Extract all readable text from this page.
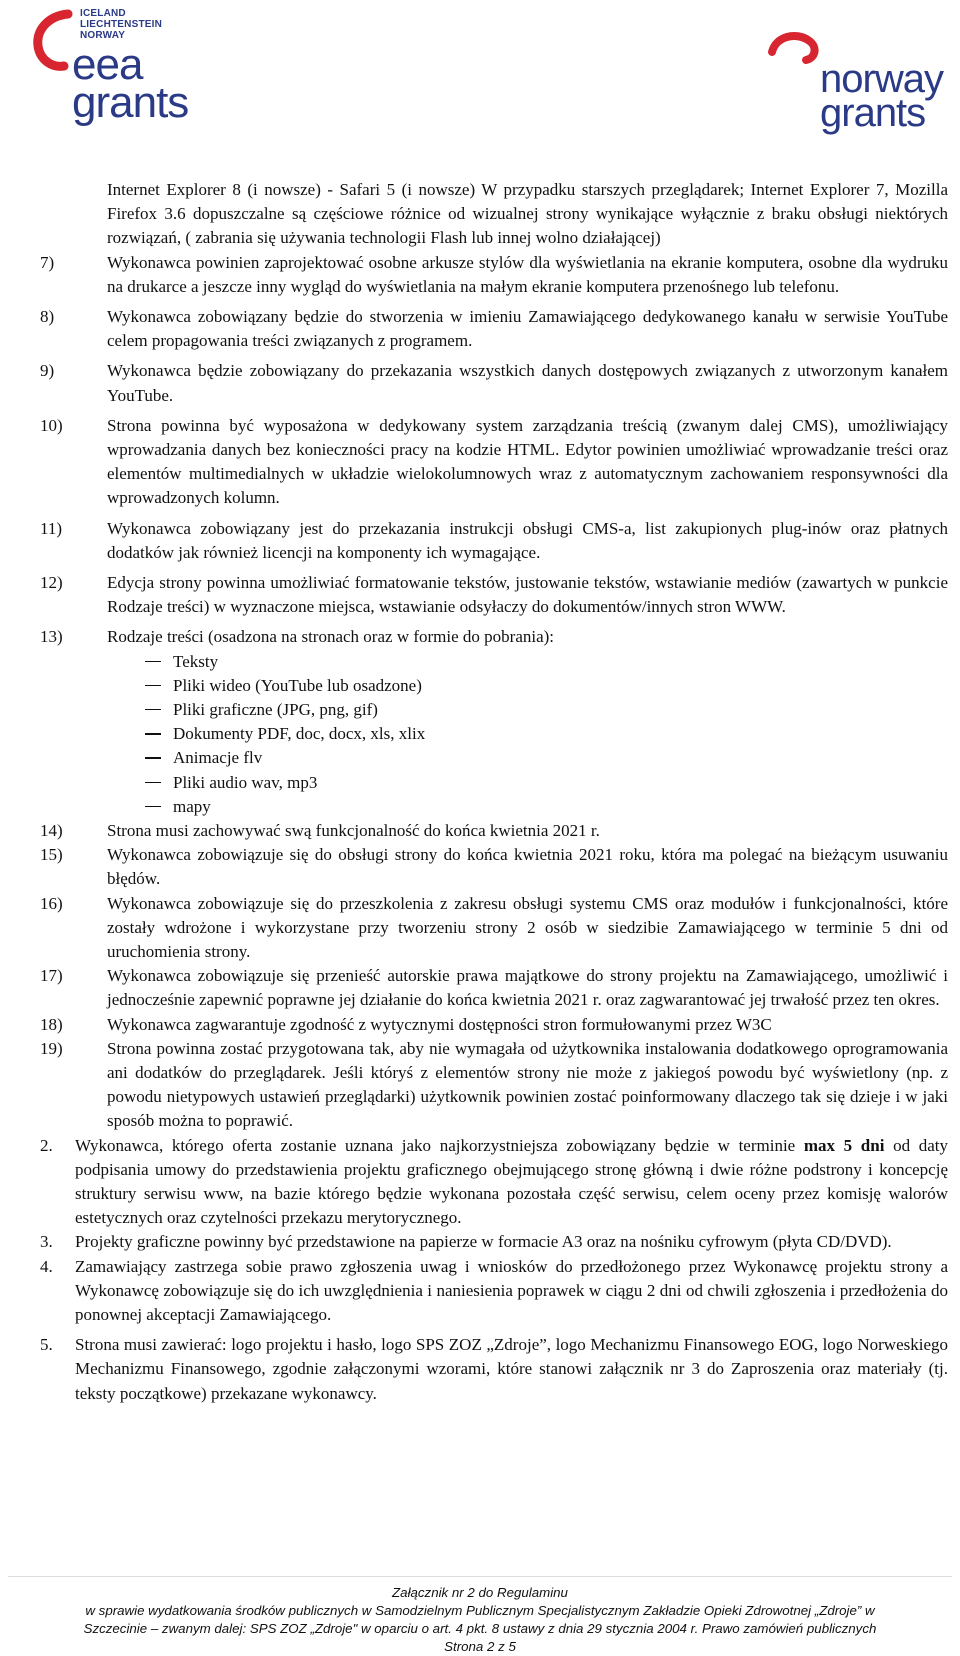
ICELAND
LIECHTENSTEIN
NORWAY
eea
grants	norway
grants

Internet Explorer 8 (i nowsze) - Safari 5 (i nowsze) W przypadku starszych przeglądarek; Internet Explorer 7, Mozilla Firefox 3.6 dopuszczalne są częściowe różnice od wizualnej strony wynikające wyłącznie z braku obsługi niektórych rozwiązań, ( zabrania się używania technologii Flash lub innej wolno działającej)

7)	Wykonawca powinien zaprojektować osobne arkusze stylów dla wyświetlania na ekranie komputera, osobne dla wydruku na drukarce a jeszcze inny wygląd do wyświetlania na małym ekranie komputera przenośnego lub telefonu.
8)	Wykonawca zobowiązany będzie do stworzenia w imieniu Zamawiającego dedykowanego kanału w serwisie YouTube celem propagowania treści związanych z programem.
9)	Wykonawca będzie zobowiązany do przekazania wszystkich danych dostępowych związanych z utworzonym kanałem YouTube.
10)	Strona powinna być wyposażona w dedykowany system zarządzania treścią (zwanym dalej CMS), umożliwiający wprowadzania danych bez konieczności pracy na kodzie HTML. Edytor powinien umożliwiać wprowadzanie treści oraz elementów multimedialnych w układzie wielokolumnowych wraz z automatycznym zachowaniem responsywności dla wprowadzonych kolumn.
11)	Wykonawca zobowiązany jest do przekazania instrukcji obsługi CMS-a, list zakupionych plug-inów oraz płatnych dodatków jak również licencji na komponenty ich wymagające.
12)	Edycja strony powinna umożliwiać formatowanie tekstów, justowanie tekstów, wstawianie mediów (zawartych w punkcie Rodzaje treści) w wyznaczone miejsca, wstawianie odsyłaczy do dokumentów/innych stron WWW.
13)	Rodzaje treści (osadzona na stronach oraz w formie do pobrania):
Teksty
Pliki wideo (YouTube lub osadzone)
Pliki graficzne (JPG, png, gif)
Dokumenty PDF, doc, docx, xls, xlix
Animacje flv
Pliki audio wav, mp3
mapy
14)	Strona musi zachowywać swą funkcjonalność do końca kwietnia 2021 r.
15)	Wykonawca zobowiązuje się do obsługi strony do końca kwietnia 2021 roku, która ma polegać na bieżącym usuwaniu błędów.
16)	Wykonawca zobowiązuje się do przeszkolenia z zakresu obsługi systemu CMS oraz modułów i funkcjonalności, które zostały wdrożone i wykorzystane przy tworzeniu strony 2 osób w siedzibie Zamawiającego w terminie 5 dni od uruchomienia strony.
17)	Wykonawca zobowiązuje się przenieść autorskie prawa majątkowe do strony projektu na Zamawiającego, umożliwić i jednocześnie zapewnić poprawne jej działanie do końca kwietnia 2021 r. oraz zagwarantować jej trwałość przez ten okres.
18)	Wykonawca zagwarantuje zgodność z wytycznymi dostępności stron formułowanymi przez W3C
19)	Strona powinna zostać przygotowana tak, aby nie wymagała od użytkownika instalowania dodatkowego oprogramowania ani dodatków do przeglądarek. Jeśli któryś z elementów strony nie może z jakiegoś powodu być wyświetlony (np. z powodu nietypowych ustawień przeglądarki) użytkownik powinien zostać poinformowany dlaczego tak się dzieje i w jaki sposób można to poprawić.
2.	Wykonawca, którego oferta zostanie uznana jako najkorzystniejsza zobowiązany będzie w terminie max 5 dni od daty podpisania umowy do przedstawienia projektu graficznego obejmującego stronę główną i dwie różne podstrony i koncepcję struktury serwisu www, na bazie którego będzie wykonana pozostała część serwisu, celem oceny przez komisję walorów estetycznych oraz czytelności przekazu merytorycznego.
3.	Projekty graficzne powinny być przedstawione na papierze w formacie A3 oraz na nośniku cyfrowym (płyta CD/DVD).
4.	Zamawiający zastrzega sobie prawo zgłoszenia uwag i wniosków do przedłożonego przez Wykonawcę projektu strony a Wykonawcę zobowiązuje się do ich uwzględnienia i naniesienia poprawek w ciągu 2 dni od chwili zgłoszenia i przedłożenia do ponownej akceptacji Zamawiającego.
5.	Strona musi zawierać: logo projektu i hasło, logo SPS ZOZ „Zdroje”, logo Mechanizmu Finansowego EOG, logo Norweskiego Mechanizmu Finansowego, zgodnie załączonymi wzorami, które stanowi załącznik nr 3 do Zaproszenia oraz materiały (tj. teksty początkowe) przekazane wykonawcy.
Załącznik nr 2 do Regulaminu
w sprawie wydatkowania środków publicznych w Samodzielnym Publicznym Specjalistycznym Zakładzie Opieki Zdrowotnej „Zdroje” w
Szczecinie – zwanym dalej: SPS ZOZ „Zdroje" w oparciu o art. 4 pkt. 8 ustawy z dnia 29 stycznia 2004 r. Prawo zamówień publicznych
Strona 2 z 5
